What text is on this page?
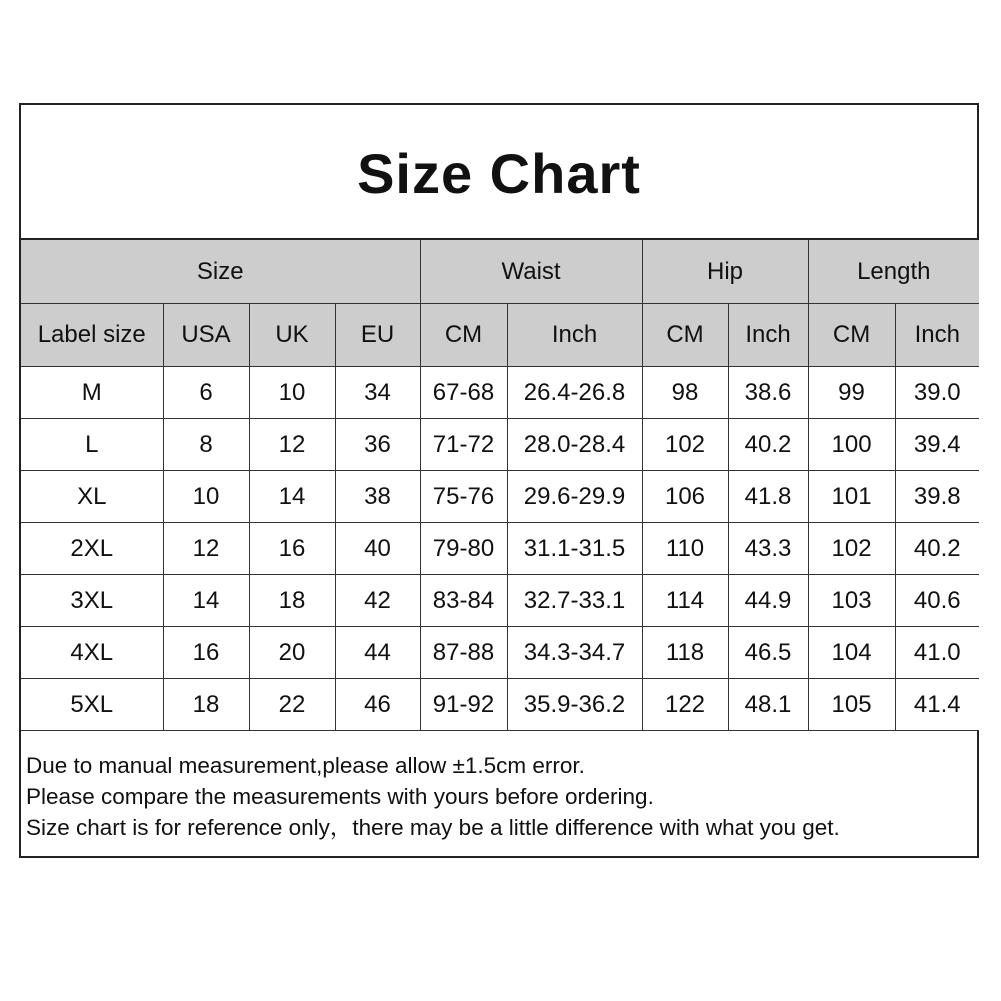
Size Chart
Size				Waist		Hip		Length	
Label size	USA	UK	EU	CM	Inch	CM	Inch	CM	Inch
M	6	10	34	67-68	26.4-26.8	98	38.6	99	39.0
L	8	12	36	71-72	28.0-28.4	102	40.2	100	39.4
XL	10	14	38	75-76	29.6-29.9	106	41.8	101	39.8
2XL	12	16	40	79-80	31.1-31.5	110	43.3	102	40.2
3XL	14	18	42	83-84	32.7-33.1	114	44.9	103	40.6
4XL	16	20	44	87-88	34.3-34.7	118	46.5	104	41.0
5XL	18	22	46	91-92	35.9-36.2	122	48.1	105	41.4
Due to manual measurement,please allow ±1.5cm error.
Please compare the measurements with yours before ordering.
Size chart is for reference only，there may be a little difference with what you get.
